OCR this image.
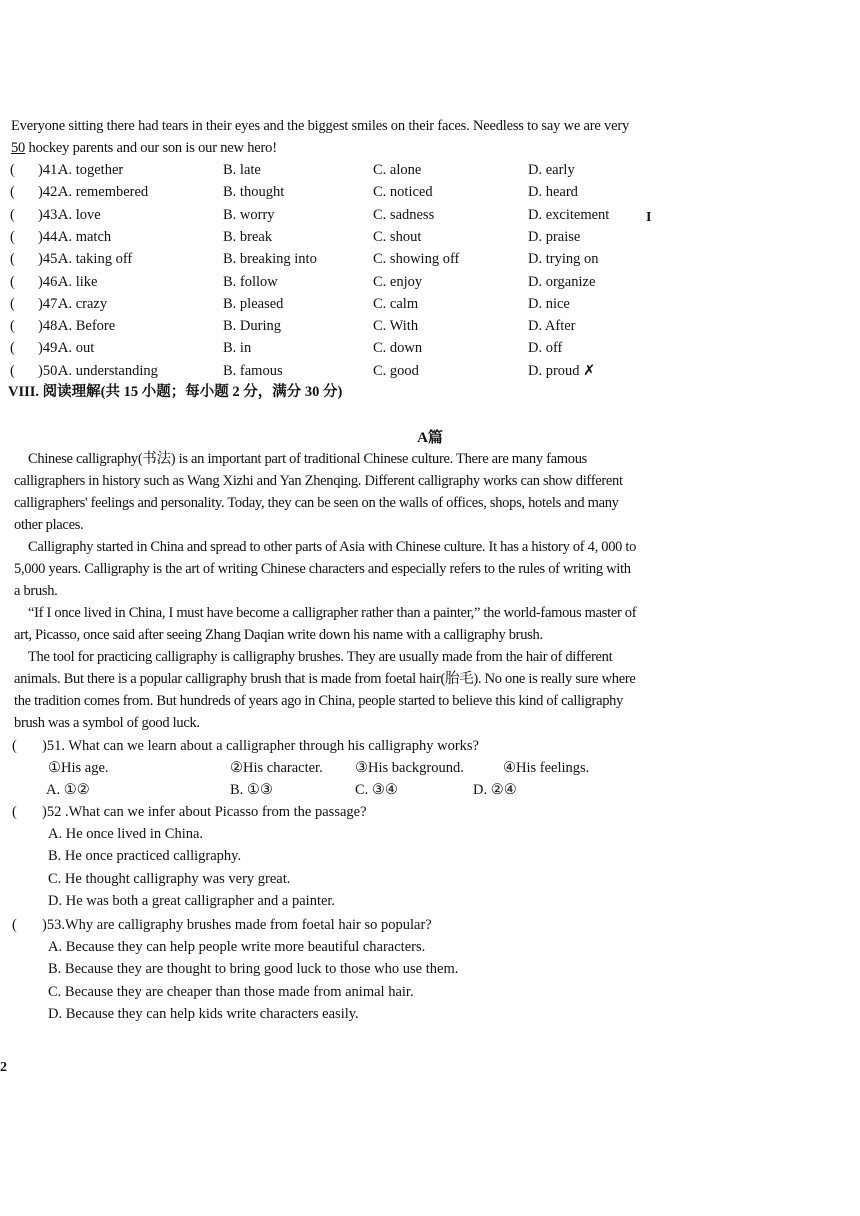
Everyone sitting there had tears in their eyes and the biggest smiles on their faces. Needless to say we are very
50 hockey parents and our son is our new hero!
( )41.
A. together	B. late	C. alone	D. early
( )42.
A. remembered	B. thought	C. noticed	D. heard
( )43.
A. love	B. worry	C. sadness	D. excitement
( )44.
A. match	B. break	C. shout	D. praise
( )45.
A. taking off	B. breaking into	C. showing off	D. trying on
( )46.
A. like	B. follow	C. enjoy	D. organize
( )47.
A. crazy	B. pleased	C. calm	D. nice
( )48.
A. Before	B. During	C. With	D. After
( )49.
A. out	B. in	C. down	D. off
( )50.
A. understanding	B. famous	C. good	D. proud ✗
I
VIII. 阅读理解(共 15 小题；每小题 2 分，满分 30 分)
A篇
Chinese calligraphy(书法) is an important part of traditional Chinese culture. There are many famous
calligraphers in history such as Wang Xizhi and Yan Zhenqing. Different calligraphy works can show different
calligraphers' feelings and personality. Today, they can be seen on the walls of offices, shops, hotels and many
other places.
Calligraphy started in China and spread to other parts of Asia with Chinese culture. It has a history of 4, 000 to
5,000 years. Calligraphy is the art of writing Chinese characters and especially refers to the rules of writing with
a brush.
“If I once lived in China, I must have become a calligrapher rather than a painter,” the world-famous master of
art, Picasso, once said after seeing Zhang Daqian write down his name with a calligraphy brush.
The tool for practicing calligraphy is calligraphy brushes. They are usually made from the hair of different
animals. But there is a popular calligraphy brush that is made from foetal hair(胎毛). No one is really sure where
the tradition comes from. But hundreds of years ago in China, people started to believe this kind of calligraphy
brush was a symbol of good luck.
( )51. What can we learn about a calligrapher through his calligraphy works?
①His age.	②His character. ③His background.	④His feelings.
A. ①②	B. ①③	C. ③④	D. ②④
( )52 .What can we infer about Picasso from the passage?
A. He once lived in China.
B. He once practiced calligraphy.
C. He thought calligraphy was very great.
D. He was both a great calligrapher and a painter.
( )53.Why are calligraphy brushes made from foetal hair so popular?
A. Because they can help people write more beautiful characters.
B. Because they are thought to bring good luck to those who use them.
C. Because they are cheaper than those made from animal hair.
D. Because they can help kids write characters easily.
2
